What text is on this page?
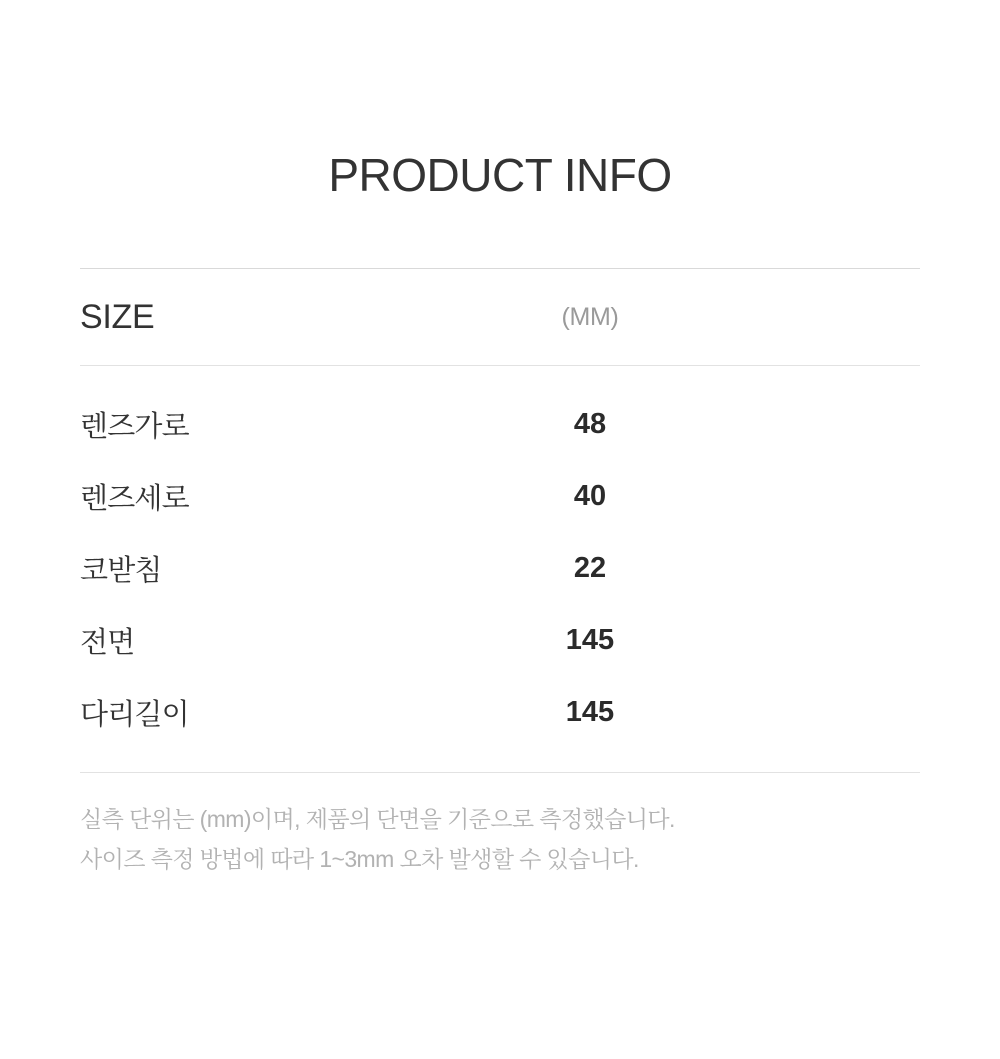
PRODUCT INFO
SIZE	(MM)
렌즈가로	48
렌즈세로	40
코받침	22
전면	145
다리길이	145
실측 단위는 (mm)이며, 제품의 단면을 기준으로 측정했습니다.
사이즈 측정 방법에 따라 1~3mm 오차 발생할 수 있습니다.
